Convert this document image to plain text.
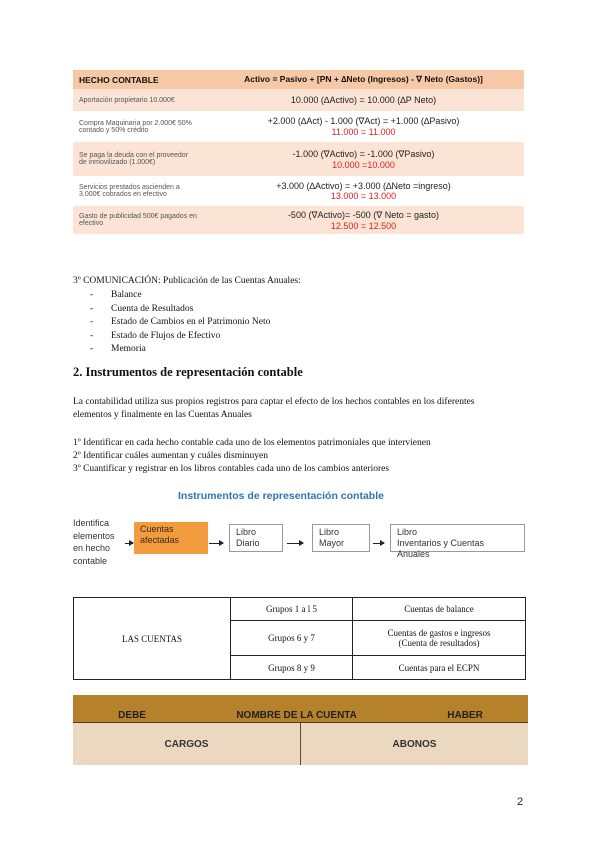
HECHO CONTABLE	Activo = Pasivo + [PN + ∆Neto (Ingresos) - ∇ Neto (Gastos)]
Aportación propietario 10.000€	10.000 (∆Activo) = 10.000 (∆P Neto)
Compra Maquinaria por 2.000€ 50% contado y 50% crédito	+2.000 (∆Act) - 1.000 (∇Act) = +1.000 (∆Pasivo)
11.000 = 11.000

Se paga la deuda con el proveedor de inmovilizado (1.000€)	-1.000 (∇Activo) = -1.000 (∇Pasivo)
10.000 =10.000

Servicios prestados ascienden a 3.000€ cobrados en efectivo	+3.000 (∆Activo) = +3.000 (∆Neto =ingreso)
13.000 = 13.000

Gasto de publicidad 500€ pagados en efectivo	-500 (∇Activo)= -500 (∇ Neto = gasto)
12.500 = 12.500
3º COMUNICACIÓN: Publicación de las Cuentas Anuales:
- Balance
- Cuenta de Resultados
- Estado de Cambios en el Patrimonio Neto
- Estado de Flujos de Efectivo
- Memoria
2. Instrumentos de representación contable
La contabilidad utiliza sus propios registros para captar el efecto de los hechos contables en los diferentes
elementos y finalmente en las Cuentas Anuales
1º Identificar en cada hecho contable cada uno de los elementos patrimoniales que intervienen
2º Identificar cuáles aumentan y cuáles disminuyen
3º Cuantificar y registrar en los libros contables cada uno de los cambios anteriores
Instrumentos de representación contable
Identifica
elementos
en hecho
contable
Cuentas
afectadas
Libro
Diario
Libro
Mayor
Libro
Inventarios y Cuentas Anuales
LAS CUENTAS	Grupos 1 a l 5	Cuentas de balance

	Grupos 6 y 7	Cuentas de gastos e ingresos
(Cuenta de resultados)

	Grupos 8 y 9	Cuentas para el ECPN
DEBE	NOMBRE DE LA CUENTA	HABER
CARGOS	ABONOS
2
